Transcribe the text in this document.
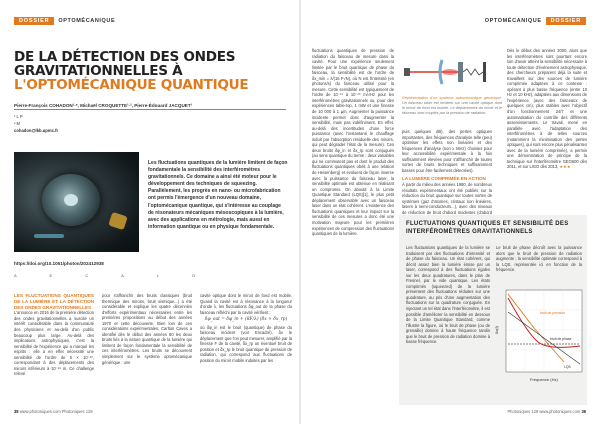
DOSSIER	OPTOMÉCANIQUE
DE LA DÉTECTION DES ONDES
GRAVITATIONNELLES À
L'OPTOMÉCANIQUE QUANTIQUE
Pierre-François COHADON¹·*, Michaël CROQUETTE¹·², Pierre-Édouard JACQUET¹
¹ L P
² M
cohadon@lkb.upmc.fr

Les fluctuations quantiques de la lumière limitent de façon fondamentale la sensibilité des interféromètres gravitationnels. Ce domaine a ainsi été moteur pour le développement des techniques de squeezing. Parallèlement, les progrès en nano- ou microfabrication ont permis l'émergence d'un nouveau domaine, l'optomécanique quantique, qui s'intéresse au couplage de résonateurs mécaniques mésoscopiques à la lumière, avec des applications en métrologie, mais aussi en information quantique ou en physique fondamentale.

https://doi.org/10.1051/photon/202412938
A E C A L O
LES FLUCTUATIONS QUANTIQUES DE LA LUMIÈRE ET LA DÉTECTION DES ONDES GRAVITATIONNELLES

L'annonce en 2016 de la première détection des ondes gravitationnelles a suscité un intérêt considérable dans la communauté des physiciens et au-delà d'un public beaucoup plus large. Au-delà des implications astrophysiques, c'est la sensibilité de l'expérience qui a marqué les esprits : elle a en effet nécessité une sensibilité de l'ordre de 5 × 10⁻²⁰, correspondant à des déplacements des miroirs inférieurs à 10⁻¹⁸ m. Ce challenge relevé

pour s'affranchir des bruits classiques (bruit thermique des miroirs, bruit sismique...) a été considérable et explique les quatre décennies d'efforts expérimentaux nécessaires entre les premières propositions au début des années 1970 et cette découverte. Bien loin de ces considérations expérimentales, Carlton Caves a identifié dès le début des années 80 les deux bruits liés à la nature quantique de la lumière qui limitent de façon fondamentale la sensibilité de ces interféromètres. Les bruits se découvrent simplement sur le système optomécanique générique : une

cavité optique dont le miroir de fond est mobile. Quand la cavité est à résonance à la longueur d'onde λ, les fluctuations δφ_out de la phase du faisceau réfléchi par la cavité vérifient :

δφ_out = δφ_in + (8F/λ) (δx + δx_rp)

où δφ_in est le bruit (quantique) de phase du faisceau incident (voir Encadré), δx le déplacement que l'on peut mesurer, amplifié par la finesse F de la cavité, δx_rp un éventuel bruit de position et δx_rp le bruit quantique de pression de radiation, qui correspond aux fluctuations de position du miroir mobile induites par les

38 www.photoniques.com Photoniques 129
OPTOMÉCANIQUE	DOSSIER

fluctuations quantiques de pression de radiation du faisceau de mesure dans la cavité. Pour une expérience seulement limitée par le bruit quantique de phase du faisceau, la sensibilité est de l'ordre de δx_min = λ/(16 F√N), où N est l'intensité (en photons/s) du faisceau utilisé pour la mesure. Cette sensibilité est typiquement de l'ordre de 10⁻¹⁹ à 10⁻²⁰ m/√Hz pour les interféromètres gravitationnels ou, pour des expériences table-top, 1 mW et une finesse de 10 000 à 1 µm. Augmenter la puissance incidente permet donc d'augmenter la sensibilité, mais pas indéfiniment. En effet, au-delà des incertitudes d'une force puissance (avec l'instantané le chauffage induit par l'absorption résiduelle des miroirs, qui peut dégrader l'état de la mesure). Ces deux bruits δφ_in et δx_rp sont conjugués (au sens quantique du terme : deux variables qui ne commutent pas et dont le produit des fluctuations quantiques obéit à une relation de Heisenberg) et évoluent de façon inverse avec la puissance du faisceau laser, la sensibilité optimale est obtenue en réalisant un compromis. On aboutit à la Limite Quantique Standard (LQS)[1], le plus petit déplacement observable avec un faisceau laser dans un état cohérent. L'existence des fluctuations quantiques et leur impact sur la sensibilité de ces mesures a donc été une motivation majeure pour les premières expériences de compression des fluctuations quantiques de la lumière.

Représentation d'un système optomécanique générique. Un faisceau laser est incident sur une cavité optique dont le miroir de fond est mobile. Le déplacement du miroir et le faisceau sont couplés par la pression de radiation.

puis quelques dB), des pertes optiques importantes, des fréquences d'analyse telle (peu) optimiser les effets non linéaires et des fréquences d'analyse (non ≥ MHz) choisies pour leur accessibilité expérimentale à la fois suffisamment élevées pour s'affranchir de toutes sortes de bruits techniques et suffisamment basses pour être facilement détectées).

LA LUMIÈRE COMPRIMÉE EN ACTION

À partir du milieu des années 1980, de nombreux résultats expérimentaux ont été publiés sur la réduction du bruit quantique sur toutes sortes de systèmes (gaz d'atomes, cristaux non linéaires, lasers à semi-conducteurs...), avec des niveaux de réduction de bruit d'abord modestes (d'abord

Dès le début des années 2000, alors que les interféromètres sont pourtant encore loin d'avoir atteint la sensibilité nécessaire à toute détection d'événement astrophysique, des chercheurs préparent déjà la suite et travaillent sur des sources de lumière comprimée adaptées à ce contexte : opérant à plus basse fréquence (entre 10 Hz et 10 kHz), adaptées aux dimensions de l'expérience (avec des faisceaux de quelques cm), plus stables avec l'objectif d'un fonctionnement 24/7 et une automatisation du contrôle des différents asservissements. Le travail, mené en parallèle avec l'adaptation des interféromètres à de telles sources (notamment la minimisation des pertes optiques), qui sont encore plus pénalisantes avec de la lumière comprimée), a permis une démonstration de principe de la technique sur l'interféromètre GEO600 dès 2011, et sur LIGO dès 2013, ★★★

FLUCTUATIONS QUANTIQUES ET SENSIBILITÉ DES INTERFÉROMÈTRES GRAVITATIONNELS

Les fluctuations quantiques de la lumière se traduisent par des fluctuations d'intensité et de phase du faisceau. Un état cohérent, qui décrit assez bien la lumière émise par un laser, correspond à des fluctuations égales sur les deux quadratures, dans le plan de Fresnel, par le vide quantique. Les états comprimés (squeezed) de la lumière présentent des fluctuations réduites sur une quadrature, au prix d'une augmentation des fluctuations sur la quadrature conjuguée. En injectant un tel état dans l'interféromètre, il est possible d'améliorer la sensibilité en dessous de la Limite Quantique Standard, comme l'illustre la figure, où le bruit de phase (ou de grenaille) domine à haute fréquence tandis que le bruit de pression de radiation domine à basse fréquence.

Le bruit de phase décroît avec la puissance alors que le bruit de pression de radiation augmente ; la sensibilité optimale correspond à la LQS, représentée ici en fonction de la fréquence.

δx(f)
Fréquence (Hz)
bruit de pression
bruit de phase
LQS
Photoniques 129 www.photoniques.com 39
